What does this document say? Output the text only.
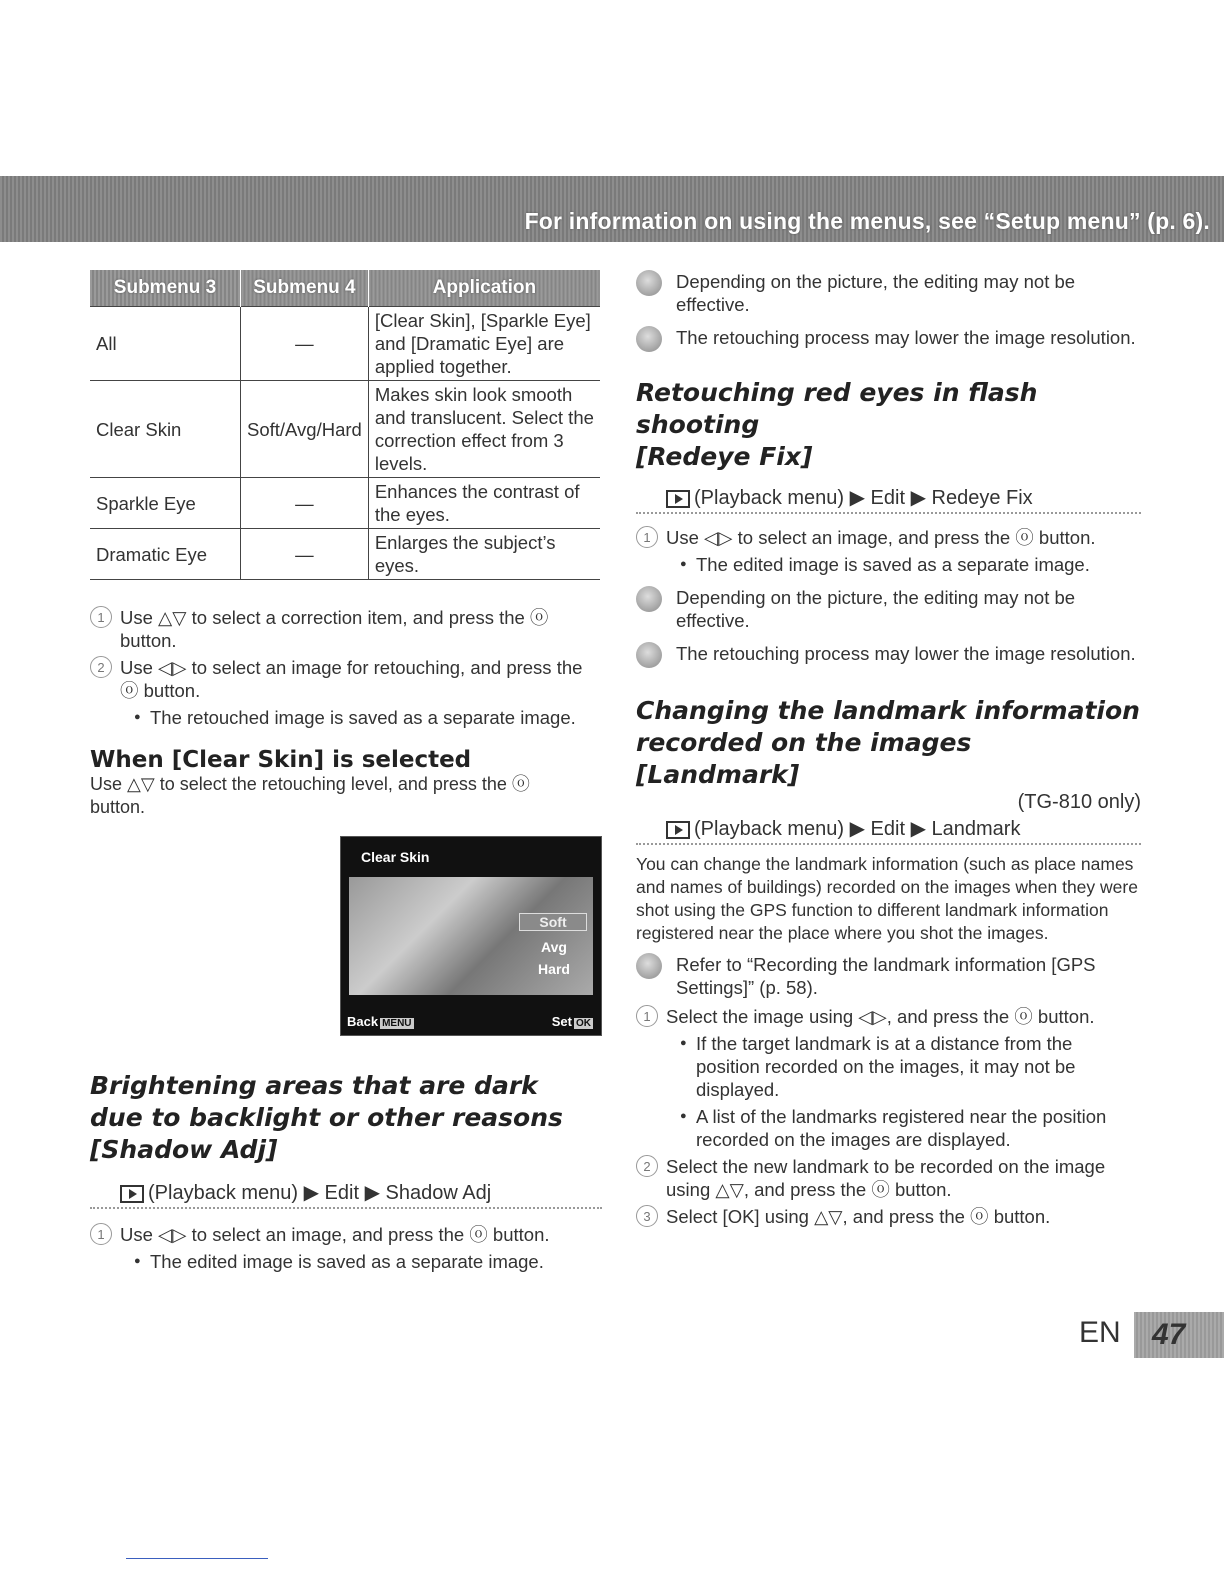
For information on using the menus, see “Setup menu” (p. 6).
Submenu 3	Submenu 4	Application
All	—	[Clear Skin], [Sparkle Eye] and [Dramatic Eye] are applied together.
Clear Skin	Soft/Avg/Hard	Makes skin look smooth and translucent. Select the correction effect from 3 levels.
Sparkle Eye	—	Enhances the contrast of the eyes.
Dramatic Eye	—	Enlarges the subject’s eyes.

1 Use △▽ to select a correction item, and press the ⓞ button.

2 Use ◁▷ to select an image for retouching, and press the ⓞ button.

● The retouched image is saved as a separate image.
When [Clear Skin] is selected

Use △▽ to select the retouching level, and press the ⓞ button.

Clear Skin
Soft
Avg
Hard
Back MENU	Set OK
Brightening areas that are dark
due to backlight or other reasons
[Shadow Adj]
(Playback menu) ▶ Edit ▶ Shadow Adj

1 Use ◁▷ to select an image, and press the ⓞ button.

● The edited image is saved as a separate image.

Depending on the picture, the editing may not be effective.

The retouching process may lower the image resolution.

Retouching red eyes in flash shooting
[Redeye Fix]
(Playback menu) ▶ Edit ▶ Redeye Fix

1 Use ◁▷ to select an image, and press the ⓞ button.

● The edited image is saved as a separate image.

Depending on the picture, the editing may not be effective.

The retouching process may lower the image resolution.

Changing the landmark information
recorded on the images [Landmark]
(TG-810 only)
(Playback menu) ▶ Edit ▶ Landmark

You can change the landmark information (such as place names and names of buildings) recorded on the images when they were shot using the GPS function to different landmark information registered near the place where you shot the images.

Refer to “Recording the landmark information [GPS Settings]” (p. 58).

1 Select the image using ◁▷, and press the ⓞ button.

● If the target landmark is at a distance from the position recorded on the images, it may not be displayed.
● A list of the landmarks registered near the position recorded on the images are displayed.

2 Select the new landmark to be recorded on the image using △▽, and press the ⓞ button.

3 Select [OK] using △▽, and press the ⓞ button.

EN 47
